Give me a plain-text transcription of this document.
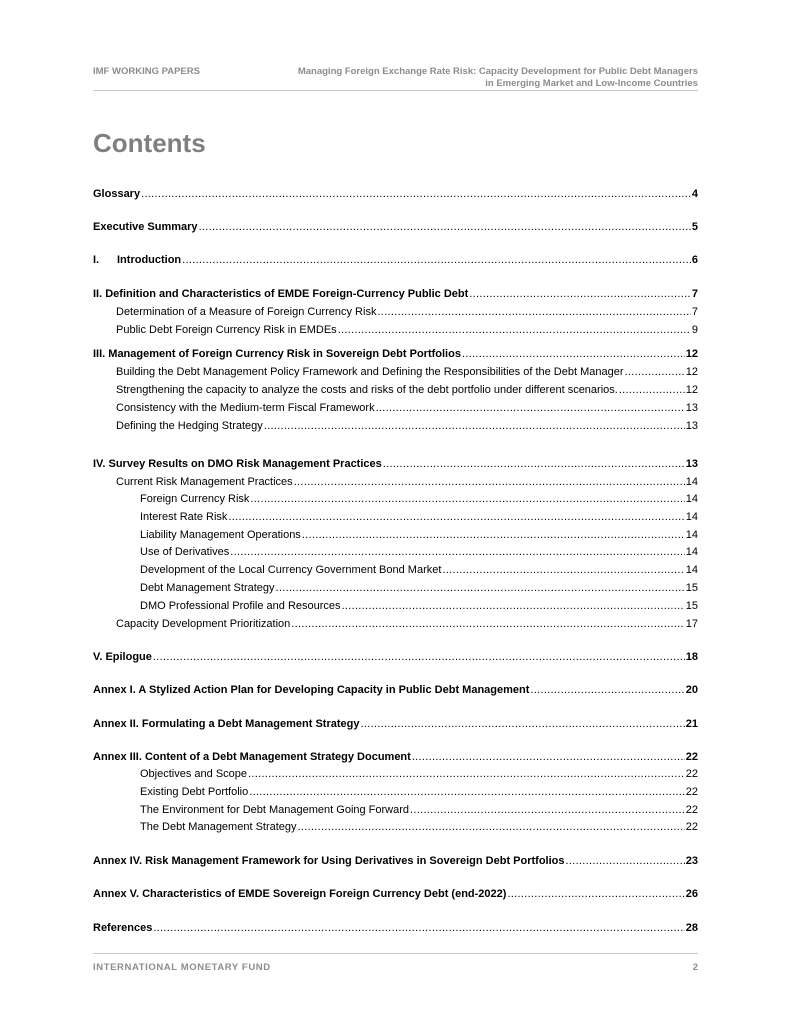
IMF WORKING PAPERS	Managing Foreign Exchange Rate Risk: Capacity Development for Public Debt Managers
in Emerging Market and Low-Income Countries
Contents
Glossary .....	4
Executive Summary .....	5
I. Introduction .....	6
II. Definition and Characteristics of EMDE Foreign-Currency Public Debt .....	7
Determination of a Measure of Foreign Currency Risk .....	7
Public Debt Foreign Currency Risk in EMDEs .....	9
III. Management of Foreign Currency Risk in Sovereign Debt Portfolios .....	12
Building the Debt Management Policy Framework and Defining the Responsibilities of the Debt Manager .....	12
Strengthening the capacity to analyze the costs and risks of the debt portfolio under different scenarios. .....	12
Consistency with the Medium-term Fiscal Framework .....	13
Defining the Hedging Strategy .....	13
IV. Survey Results on DMO Risk Management Practices .....	13
Current Risk Management Practices .....	14
Foreign Currency Risk .....	14
Interest Rate Risk .....	14
Liability Management Operations .....	14
Use of Derivatives .....	14
Development of the Local Currency Government Bond Market .....	14
Debt Management Strategy .....	15
DMO Professional Profile and Resources .....	15
Capacity Development Prioritization .....	17
V. Epilogue .....	18
Annex I. A Stylized Action Plan for Developing Capacity in Public Debt Management .....	20
Annex II. Formulating a Debt Management Strategy .....	21
Annex III. Content of a Debt Management Strategy Document .....	22
Objectives and Scope .....	22
Existing Debt Portfolio .....	22
The Environment for Debt Management Going Forward .....	22
The Debt Management Strategy .....	22
Annex IV. Risk Management Framework for Using Derivatives in Sovereign Debt Portfolios .....	23
Annex V. Characteristics of EMDE Sovereign Foreign Currency Debt (end-2022) .....	26
References .....	28
INTERNATIONAL MONETARY FUND	2
